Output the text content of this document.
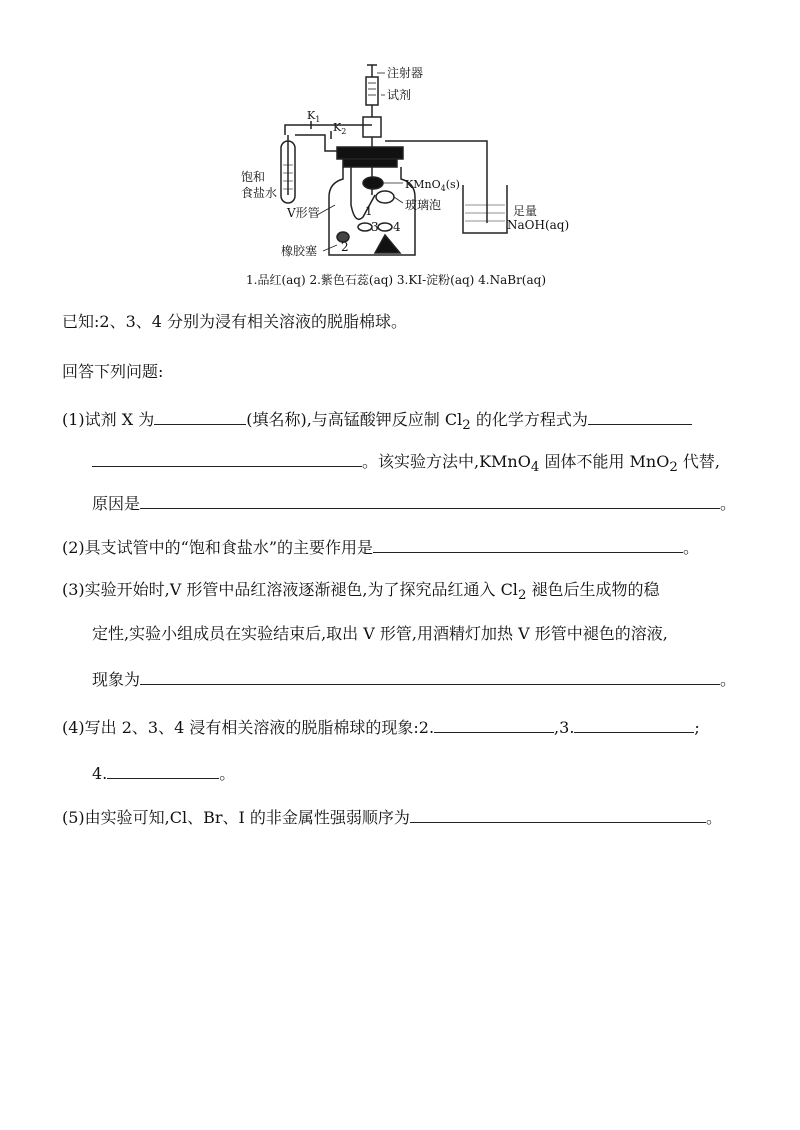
注射器
试剂
$K_1$
$K_2$
饱和
食盐水
V形管
KMnO$_4$(s)
玻璃泡
橡胶塞
足量
NaOH(aq)
1
2
3 4
1.品红(aq) 2.紫色石蕊(aq) 3.KI-淀粉(aq) 4.NaBr(aq)
已知:2、3、4 分别为浸有相关溶液的脱脂棉球。
回答下列问题:
(1)试剂 X 为	(填名称),与高锰酸钾反应制 $Cl_2$ 的化学方程式为
。该实验方法中,KMnO$_4$ 固体不能用 MnO$_2$ 代替,
原因是	。
(2)具支试管中的“饱和食盐水”的主要作用是	。
(3)实验开始时,V 形管中品红溶液逐渐褪色,为了探究品红通入 $Cl_2$ 褪色后生成物的稳
定性,实验小组成员在实验结束后,取出 V 形管,用酒精灯加热 V 形管中褪色的溶液,
现象为	。
(4)写出 2、3、4 浸有相关溶液的脱脂棉球的现象:2.	,3.	;
4.	。
(5)由实验可知,Cl、Br、I 的非金属性强弱顺序为	。
